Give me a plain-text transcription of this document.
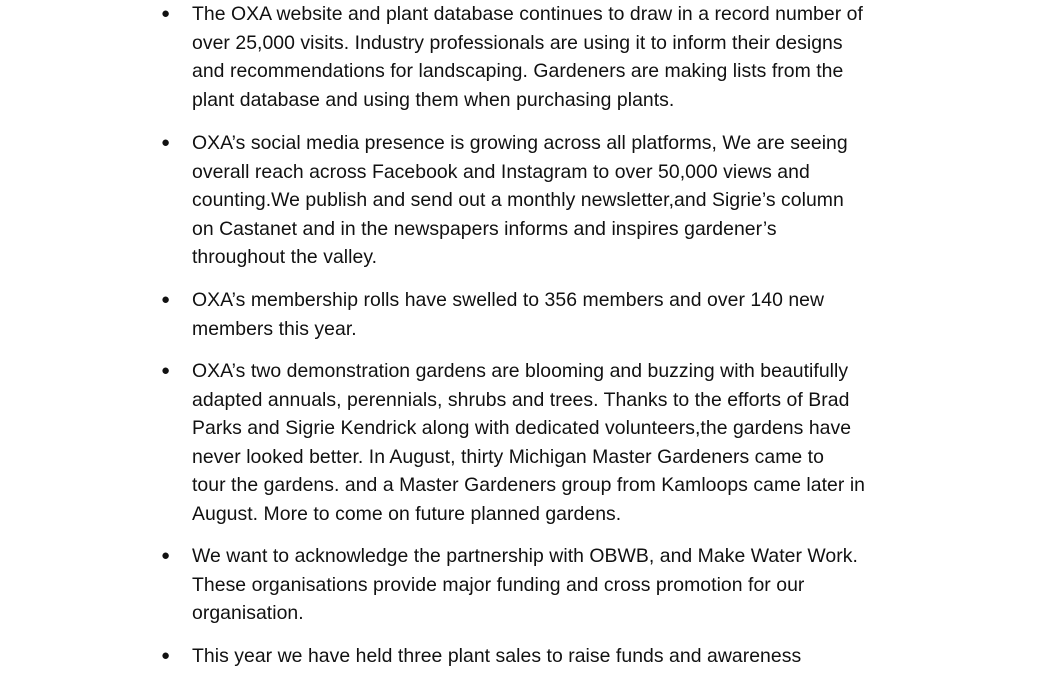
● The OXA website and plant database continues to draw in a record number of
over 25,000 visits. Industry professionals are using it to inform their designs
and recommendations for landscaping. Gardeners are making lists from the
plant database and using them when purchasing plants.
● OXA’s social media presence is growing across all platforms, We are seeing
overall reach across Facebook and Instagram to over 50,000 views and
counting.We publish and send out a monthly newsletter,and Sigrie’s column
on Castanet and in the newspapers informs and inspires gardener’s
throughout the valley.
● OXA’s membership rolls have swelled to 356 members and over 140 new
members this year.
● OXA’s two demonstration gardens are blooming and buzzing with beautifully
adapted annuals, perennials, shrubs and trees. Thanks to the efforts of Brad
Parks and Sigrie Kendrick along with dedicated volunteers,the gardens have
never looked better. In August, thirty Michigan Master Gardeners came to
tour the gardens. and a Master Gardeners group from Kamloops came later in
August. More to come on future planned gardens.
● We want to acknowledge the partnership with OBWB, and Make Water Work.
These organisations provide major funding and cross promotion for our
organisation.
● This year we have held three plant sales to raise funds and awareness
